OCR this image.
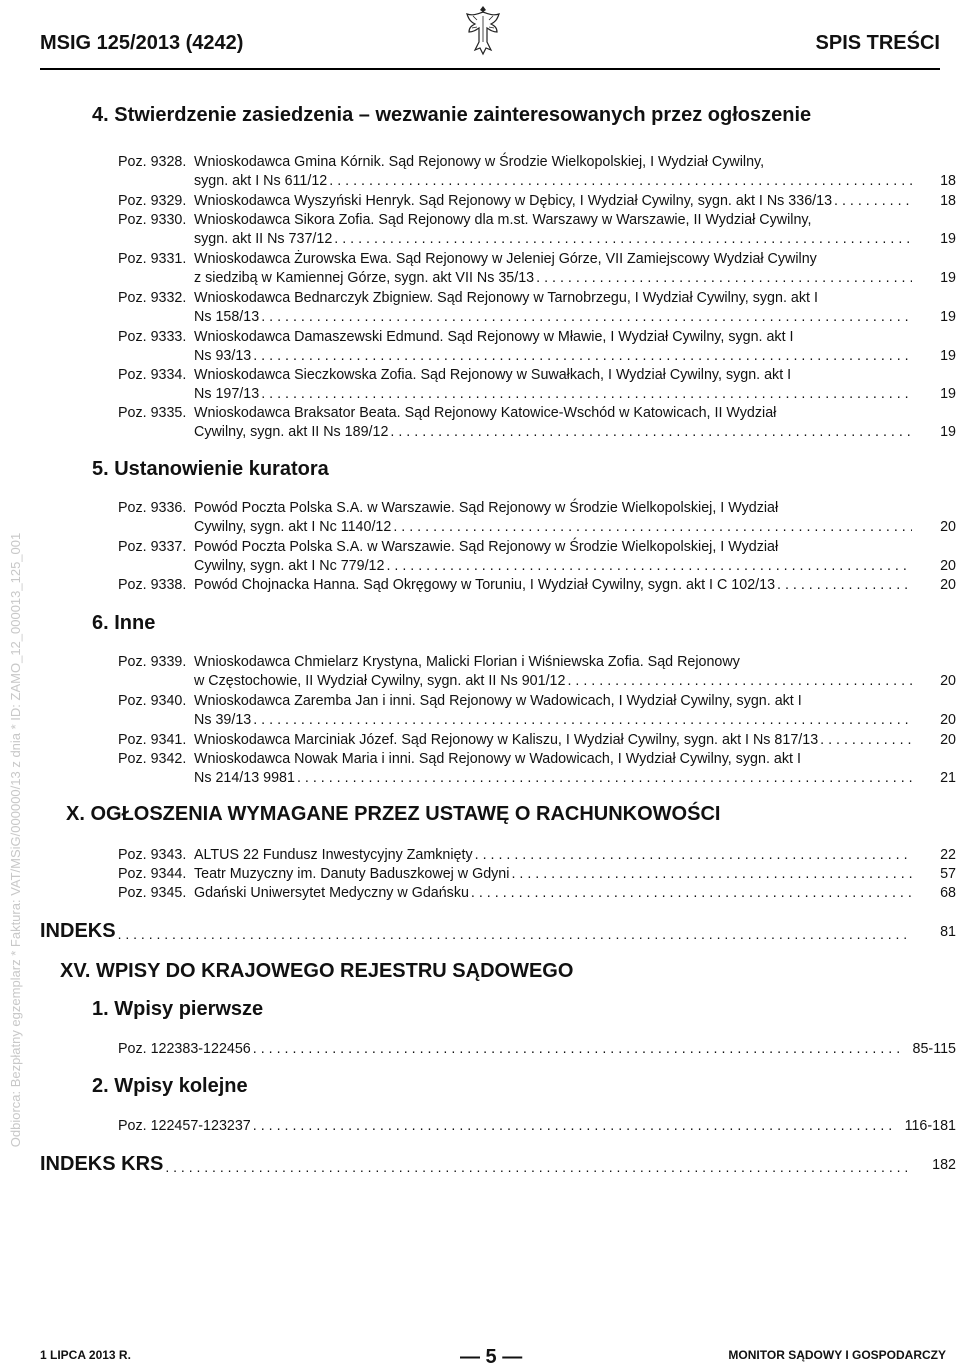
MSIG 125/2013 (4242)	SPIS TREŚCI
Odbiorca: Bezpłatny egzemplarz * Faktura: VAT/MSiG/000000/13 z dnia * ID: ZAMO_12_000013_125_001
4. Stwierdzenie zasiedzenia – wezwanie zainteresowanych przez ogłoszenie
Poz. 9328. Wnioskodawca Gmina Kórnik. Sąd Rejonowy w Środzie Wielkopolskiej, I Wydział Cywilny,
sygn. akt I Ns 611/12 . . .	18
Poz. 9329. Wnioskodawca Wyszyński Henryk. Sąd Rejonowy w Dębicy, I Wydział Cywilny, sygn. akt I Ns 336/13 . . .	18
Poz. 9330. Wnioskodawca Sikora Zofia. Sąd Rejonowy dla m.st. Warszawy w Warszawie, II Wydział Cywilny,
sygn. akt II Ns 737/12 . . .	19
Poz. 9331. Wnioskodawca Żurowska Ewa. Sąd Rejonowy w Jeleniej Górze, VII Zamiejscowy Wydział Cywilny
z siedzibą w Kamiennej Górze, sygn. akt VII Ns 35/13 . . .	19
Poz. 9332. Wnioskodawca Bednarczyk Zbigniew. Sąd Rejonowy w Tarnobrzegu, I Wydział Cywilny, sygn. akt I
Ns 158/13 . . .	19
Poz. 9333. Wnioskodawca Damaszewski Edmund. Sąd Rejonowy w Mławie, I Wydział Cywilny, sygn. akt I
Ns 93/13 . . .	19
Poz. 9334. Wnioskodawca Sieczkowska Zofia. Sąd Rejonowy w Suwałkach, I Wydział Cywilny, sygn. akt I
Ns 197/13 . . .	19
Poz. 9335. Wnioskodawca Braksator Beata. Sąd Rejonowy Katowice-Wschód w Katowicach, II Wydział
Cywilny, sygn. akt II Ns 189/12 . . .	19
5. Ustanowienie kuratora
Poz. 9336. Powód Poczta Polska S.A. w Warszawie. Sąd Rejonowy w Środzie Wielkopolskiej, I Wydział
Cywilny, sygn. akt I Nc 1140/12 . . .	20
Poz. 9337. Powód Poczta Polska S.A. w Warszawie. Sąd Rejonowy w Środzie Wielkopolskiej, I Wydział
Cywilny, sygn. akt I Nc 779/12 . . .	20
Poz. 9338. Powód Chojnacka Hanna. Sąd Okręgowy w Toruniu, I Wydział Cywilny, sygn. akt I C 102/13 . . .	20
6. Inne
Poz. 9339. Wnioskodawca Chmielarz Krystyna, Malicki Florian i Wiśniewska Zofia. Sąd Rejonowy
w Częstochowie, II Wydział Cywilny, sygn. akt II Ns 901/12 . . .	20
Poz. 9340. Wnioskodawca Zaremba Jan i inni. Sąd Rejonowy w Wadowicach, I Wydział Cywilny, sygn. akt I
Ns 39/13 . . .	20
Poz. 9341. Wnioskodawca Marciniak Józef. Sąd Rejonowy w Kaliszu, I Wydział Cywilny, sygn. akt I Ns 817/13 . . .	20
Poz. 9342. Wnioskodawca Nowak Maria i inni. Sąd Rejonowy w Wadowicach, I Wydział Cywilny, sygn. akt I
Ns 214/13 9981 . . .	21
X. OGŁOSZENIA WYMAGANE PRZEZ USTAWĘ O RACHUNKOWOŚCI
Poz. 9343. ALTUS 22 Fundusz Inwestycyjny Zamknięty . . .	22
Poz. 9344. Teatr Muzyczny im. Danuty Baduszkowej w Gdyni . . .	57
Poz. 9345. Gdański Uniwersytet Medyczny w Gdańsku . . .	68
INDEKS . . .	81
XV. WPISY DO KRAJOWEGO REJESTRU SĄDOWEGO
1. Wpisy pierwsze
Poz. 122383-122456 . . .	85-115
2. Wpisy kolejne
Poz. 122457-123237 . . .	116-181
INDEKS KRS . . .	182
1 LIPCA 2013 R.	— 5 —	MONITOR SĄDOWY I GOSPODARCZY
